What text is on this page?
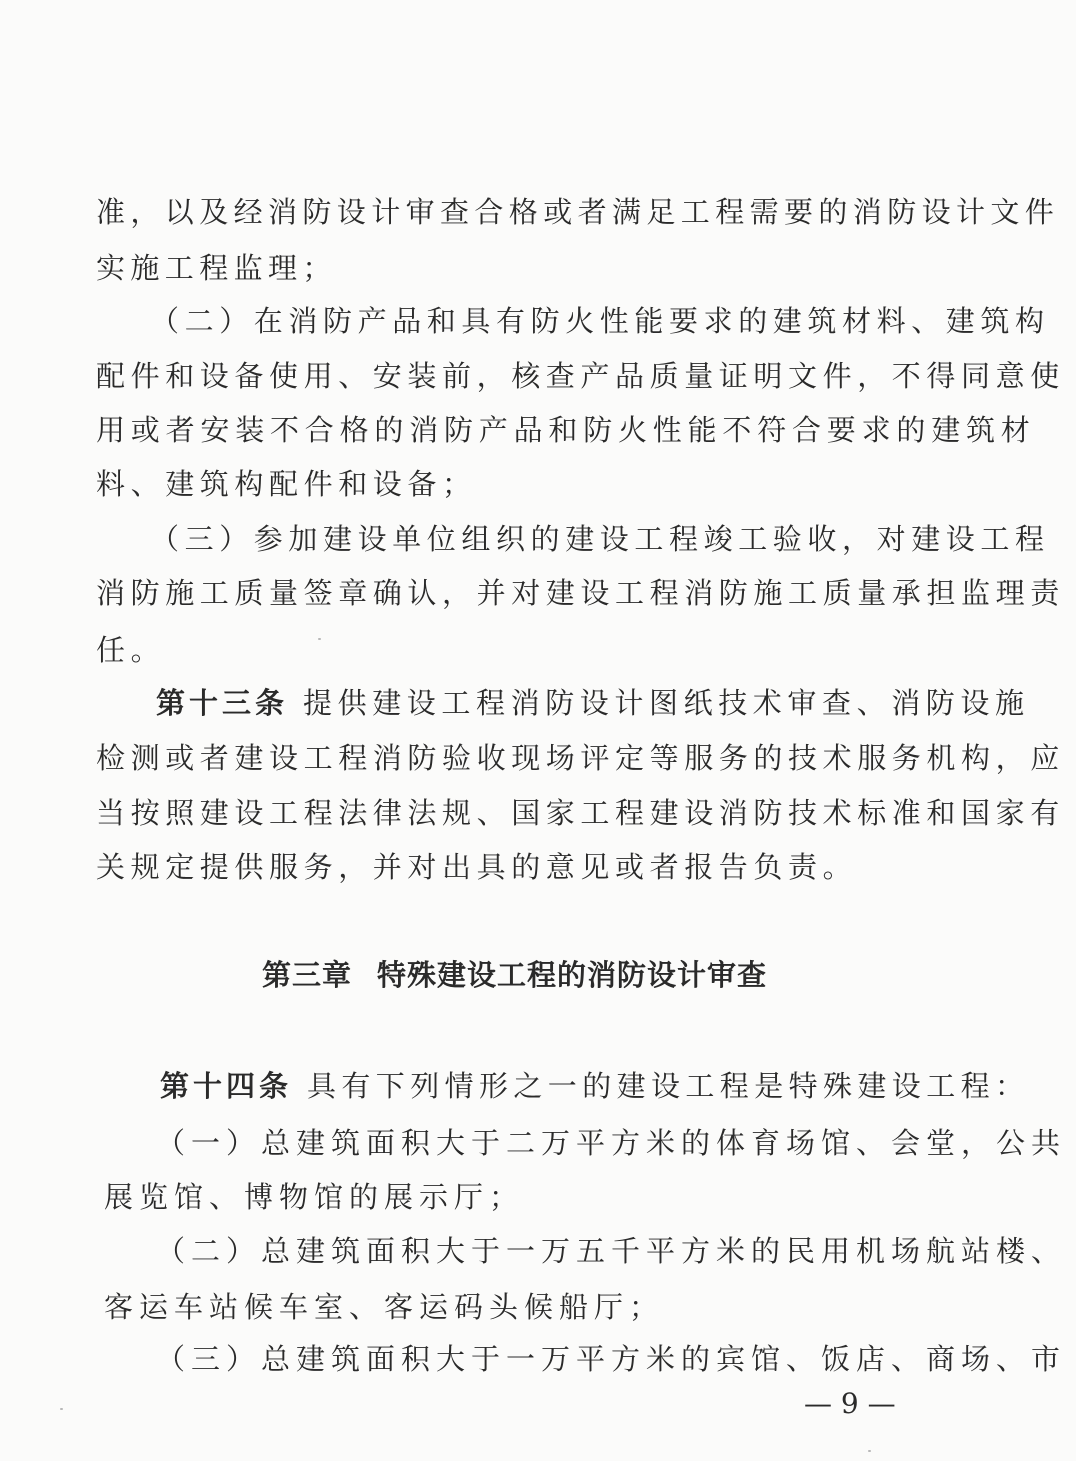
准，以及经消防设计审查合格或者满足工程需要的消防设计文件
实施工程监理；
（二）在消防产品和具有防火性能要求的建筑材料、建筑构
配件和设备使用、安装前，核查产品质量证明文件，不得同意使
用或者安装不合格的消防产品和防火性能不符合要求的建筑材
料、建筑构配件和设备；
（三）参加建设单位组织的建设工程竣工验收，对建设工程
消防施工质量签章确认，并对建设工程消防施工质量承担监理责
任。
第十三条 提供建设工程消防设计图纸技术审查、消防设施
检测或者建设工程消防验收现场评定等服务的技术服务机构，应
当按照建设工程法律法规、国家工程建设消防技术标准和国家有
关规定提供服务，并对出具的意见或者报告负责。
第三章 特殊建设工程的消防设计审查
第十四条 具有下列情形之一的建设工程是特殊建设工程：
（一）总建筑面积大于二万平方米的体育场馆、会堂，公共
展览馆、博物馆的展示厅；
（二）总建筑面积大于一万五千平方米的民用机场航站楼、
客运车站候车室、客运码头候船厅；
（三）总建筑面积大于一万平方米的宾馆、饭店、商场、市
— 9 —
